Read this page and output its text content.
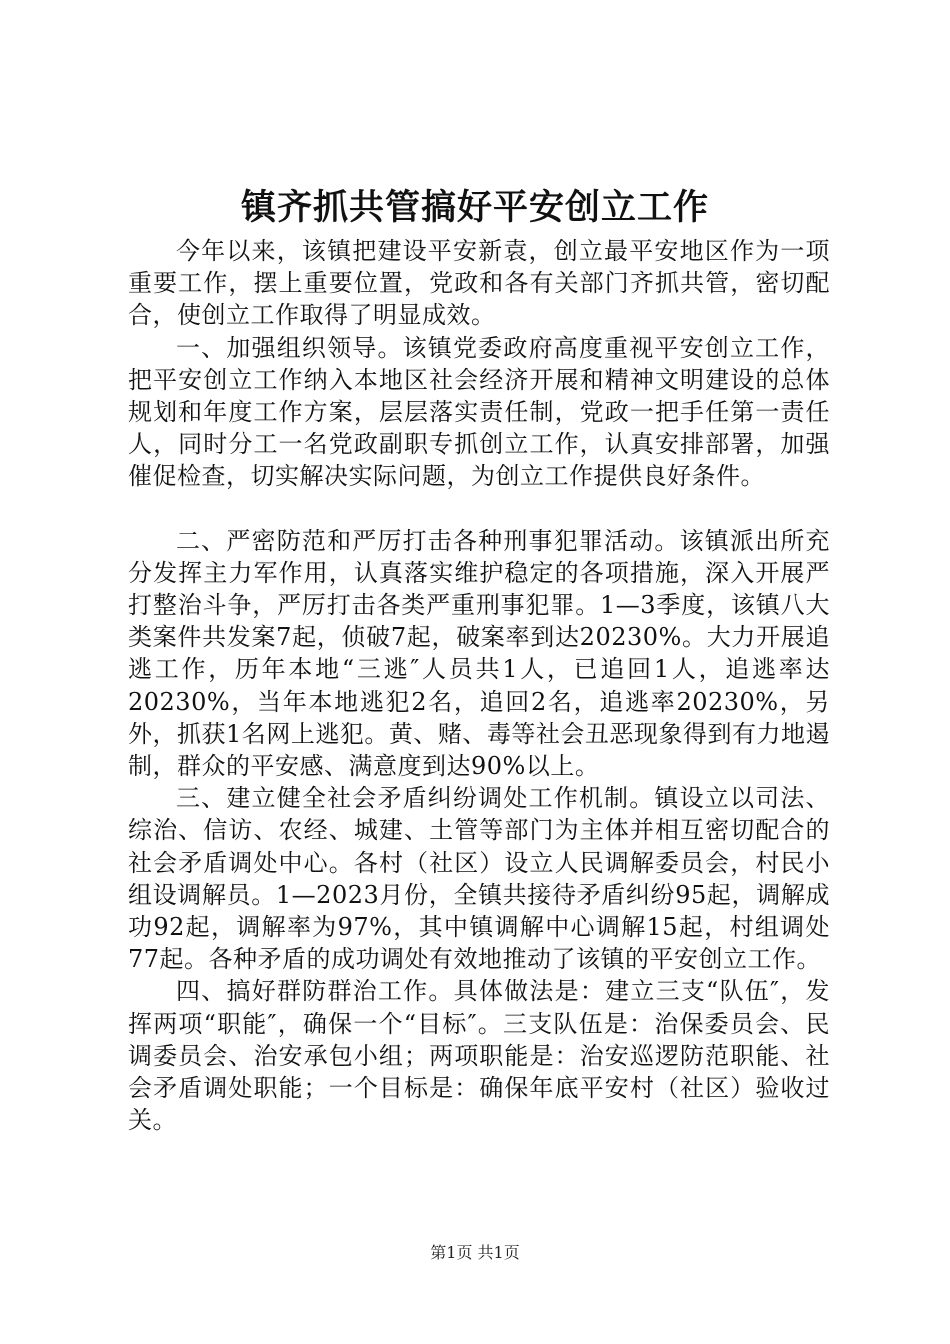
镇齐抓共管搞好平安创立工作

今年以来，该镇把建设平安新袁，创立最平安地区作为一项重要工作，摆上重要位置，党政和各有关部门齐抓共管，密切配合，使创立工作取得了明显成效。

一、加强组织领导。该镇党委政府高度重视平安创立工作，把平安创立工作纳入本地区社会经济开展和精神文明建设的总体规划和年度工作方案，层层落实责任制，党政一把手任第一责任人，同时分工一名党政副职专抓创立工作，认真安排部署，加强催促检查，切实解决实际问题，为创立工作提供良好条件。

二、严密防范和严厉打击各种刑事犯罪活动。该镇派出所充分发挥主力军作用，认真落实维护稳定的各项措施，深入开展严打整治斗争，严厉打击各类严重刑事犯罪。1—3季度，该镇八大类案件共发案7起，侦破7起，破案率到达20230%。大力开展追逃工作，历年本地“三逃″人员共1人，已追回1人，追逃率达20230%，当年本地逃犯2名，追回2名，追逃率20230%，另外，抓获1名网上逃犯。黄、赌、毒等社会丑恶现象得到有力地遏制，群众的平安感、满意度到达90%以上。

三、建立健全社会矛盾纠纷调处工作机制。镇设立以司法、综治、信访、农经、城建、土管等部门为主体并相互密切配合的社会矛盾调处中心。各村（社区）设立人民调解委员会，村民小组设调解员。1—2023月份，全镇共接待矛盾纠纷95起，调解成功92起，调解率为97%，其中镇调解中心调解15起，村组调处77起。各种矛盾的成功调处有效地推动了该镇的平安创立工作。

四、搞好群防群治工作。具体做法是：建立三支“队伍″，发挥两项“职能″，确保一个“目标″。三支队伍是：治保委员会、民调委员会、治安承包小组；两项职能是：治安巡逻防范职能、社会矛盾调处职能；一个目标是：确保年底平安村（社区）验收过关。

第1页 共1页
